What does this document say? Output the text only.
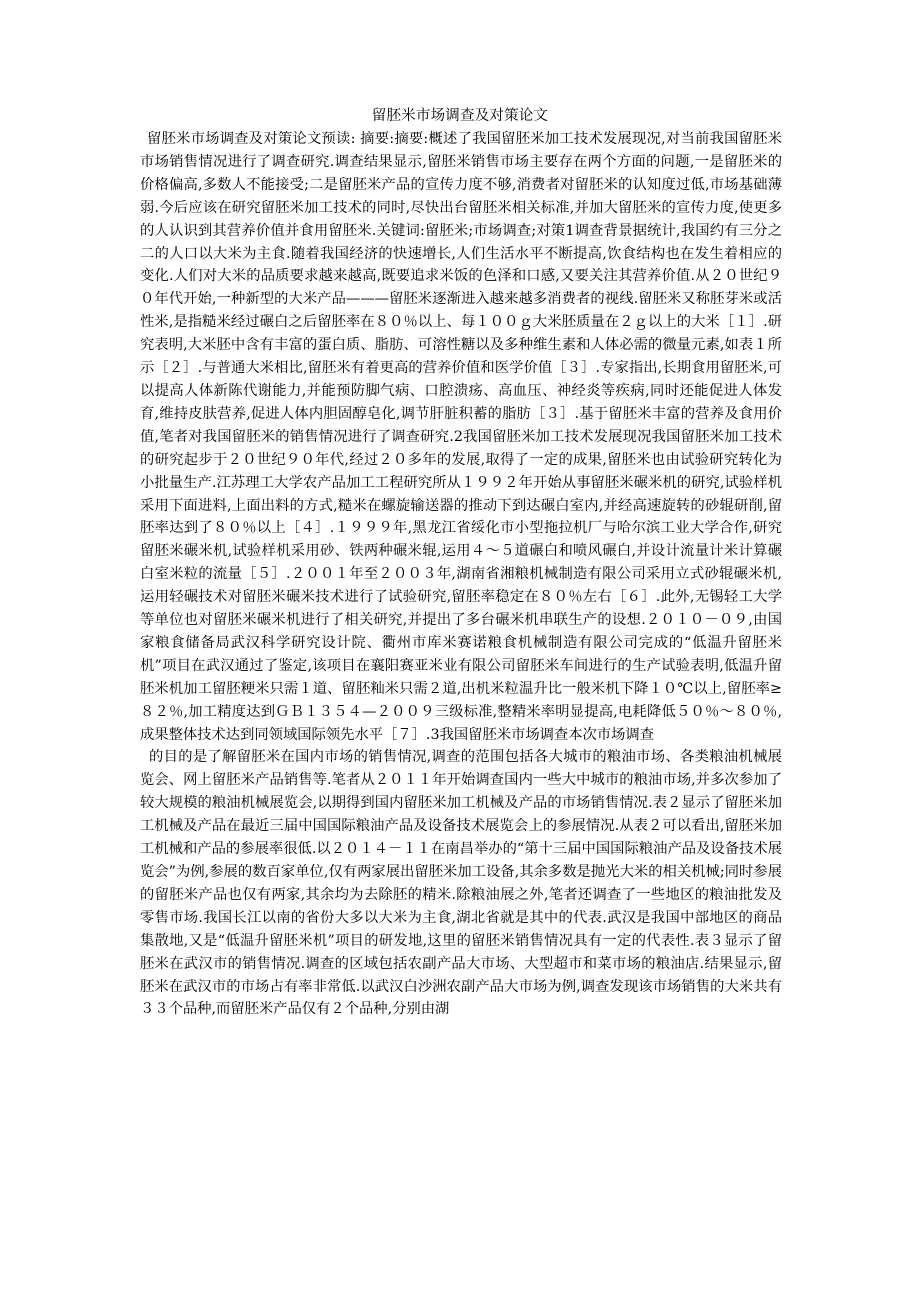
留胚米市场调查及对策论文

留胚米市场调查及对策论文预读: 摘要:摘要:概述了我国留胚米加工技术发展现况,对当前我国留胚米市场销售情况进行了调查研究.调查结果显示,留胚米销售市场主要存在两个方面的问题,一是留胚米的价格偏高,多数人不能接受;二是留胚米产品的宣传力度不够,消费者对留胚米的认知度过低,市场基础薄弱.今后应该在研究留胚米加工技术的同时,尽快出台留胚米相关标准,并加大留胚米的宣传力度,使更多的人认识到其营养价值并食用留胚米.关键词:留胚米;市场调查;对策1调查背景据统计,我国约有三分之二的人口以大米为主食.随着我国经济的快速增长,人们生活水平不断提高,饮食结构也在发生着相应的变化.人们对大米的品质要求越来越高,既要追求米饭的色泽和口感,又要关注其营养价值.从２０世纪９０年代开始,一种新型的大米产品———留胚米逐渐进入越来越多消费者的视线.留胚米又称胚芽米或活性米,是指糙米经过碾白之后留胚率在８０％以上、每１００ｇ大米胚质量在２ｇ以上的大米［１］.研究表明,大米胚中含有丰富的蛋白质、脂肪、可溶性糖以及多种维生素和人体必需的微量元素,如表１所示［２］.与普通大米相比,留胚米有着更高的营养价值和医学价值［３］.专家指出,长期食用留胚米,可以提高人体新陈代谢能力,并能预防脚气病、口腔溃疡、高血压、神经炎等疾病,同时还能促进人体发育,维持皮肤营养,促进人体内胆固醇皂化,调节肝脏积蓄的脂肪［３］.基于留胚米丰富的营养及食用价值,笔者对我国留胚米的销售情况进行了调查研究.2我国留胚米加工技术发展现况我国留胚米加工技术的研究起步于２０世纪９０年代,经过２０多年的发展,取得了一定的成果,留胚米也由试验研究转化为小批量生产.江苏理工大学农产品加工工程研究所从１９９２年开始从事留胚米碾米机的研究,试验样机采用下面进料,上面出料的方式,糙米在螺旋输送器的推动下到达碾白室内,并经高速旋转的砂辊研削,留胚率达到了８０％以上［４］.１９９９年,黑龙江省绥化市小型拖拉机厂与哈尔滨工业大学合作,研究留胚米碾米机,试验样机采用砂、铁两种碾米辊,运用４～５道碾白和喷风碾白,并设计流量计米计算碾白室米粒的流量［５］.２００１年至２００３年,湖南省湘粮机械制造有限公司采用立式砂辊碾米机,运用轻碾技术对留胚米碾米技术进行了试验研究,留胚率稳定在８０％左右［６］.此外,无锡轻工大学等单位也对留胚米碾米机进行了相关研究,并提出了多台碾米机串联生产的设想.２０１０－０９,由国家粮食储备局武汉科学研究设计院、衢州市库米赛诺粮食机械制造有限公司完成的“低温升留胚米机”项目在武汉通过了鉴定,该项目在襄阳赛亚米业有限公司留胚米车间进行的生产试验表明,低温升留胚米机加工留胚粳米只需１道、留胚籼米只需２道,出机米粒温升比一般米机下降１０℃以上,留胚率≥８２％,加工精度达到ＧＢ１３５４—２００９三级标准,整精米率明显提高,电耗降低５０％～８０％,成果整体技术达到同领域国际领先水平［７］.3我国留胚米市场调查本次市场调查

的目的是了解留胚米在国内市场的销售情况,调查的范围包括各大城市的粮油市场、各类粮油机械展览会、网上留胚米产品销售等.笔者从２０１１年开始调查国内一些大中城市的粮油市场,并多次参加了较大规模的粮油机械展览会,以期得到国内留胚米加工机械及产品的市场销售情况.表２显示了留胚米加工机械及产品在最近三届中国国际粮油产品及设备技术展览会上的参展情况.从表２可以看出,留胚米加工机械和产品的参展率很低.以２０１４－１１在南昌举办的“第十三届中国国际粮油产品及设备技术展览会”为例,参展的数百家单位,仅有两家展出留胚米加工设备,其余多数是抛光大米的相关机械;同时参展的留胚米产品也仅有两家,其余均为去除胚的精米.除粮油展之外,笔者还调查了一些地区的粮油批发及零售市场.我国长江以南的省份大多以大米为主食,湖北省就是其中的代表.武汉是我国中部地区的商品集散地,又是“低温升留胚米机”项目的研发地,这里的留胚米销售情况具有一定的代表性.表３显示了留胚米在武汉市的销售情况.调查的区域包括农副产品大市场、大型超市和菜市场的粮油店.结果显示,留胚米在武汉市的市场占有率非常低.以武汉白沙洲农副产品大市场为例,调查发现该市场销售的大米共有３３个品种,而留胚米产品仅有２个品种,分别由湖
